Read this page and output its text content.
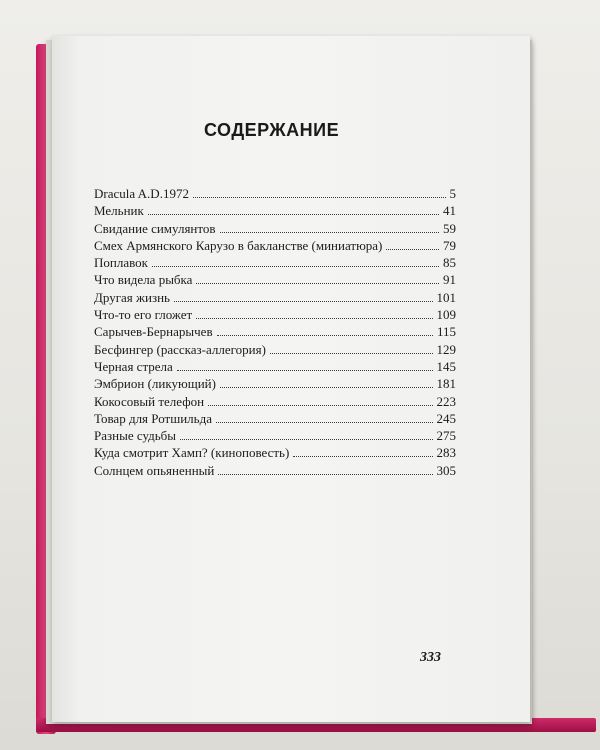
СОДЕРЖАНИЕ
Dracula A.D.1972	5
Мельник	41
Свидание симулянтов	59
Смех Армянского Карузо в бакланстве (миниатюра)	79
Поплавок	85
Что видела рыбка	91
Другая жизнь	101
Что-то его гложет	109
Сарычев-Бернарычев	115
Бесфингер (рассказ-аллегория)	129
Черная стрела	145
Эмбрион (ликующий)	181
Кокосовый телефон	223
Товар для Ротшильда	245
Разные судьбы	275
Куда смотрит Хамп? (киноповесть)	283
Солнцем опьяненный	305
333
